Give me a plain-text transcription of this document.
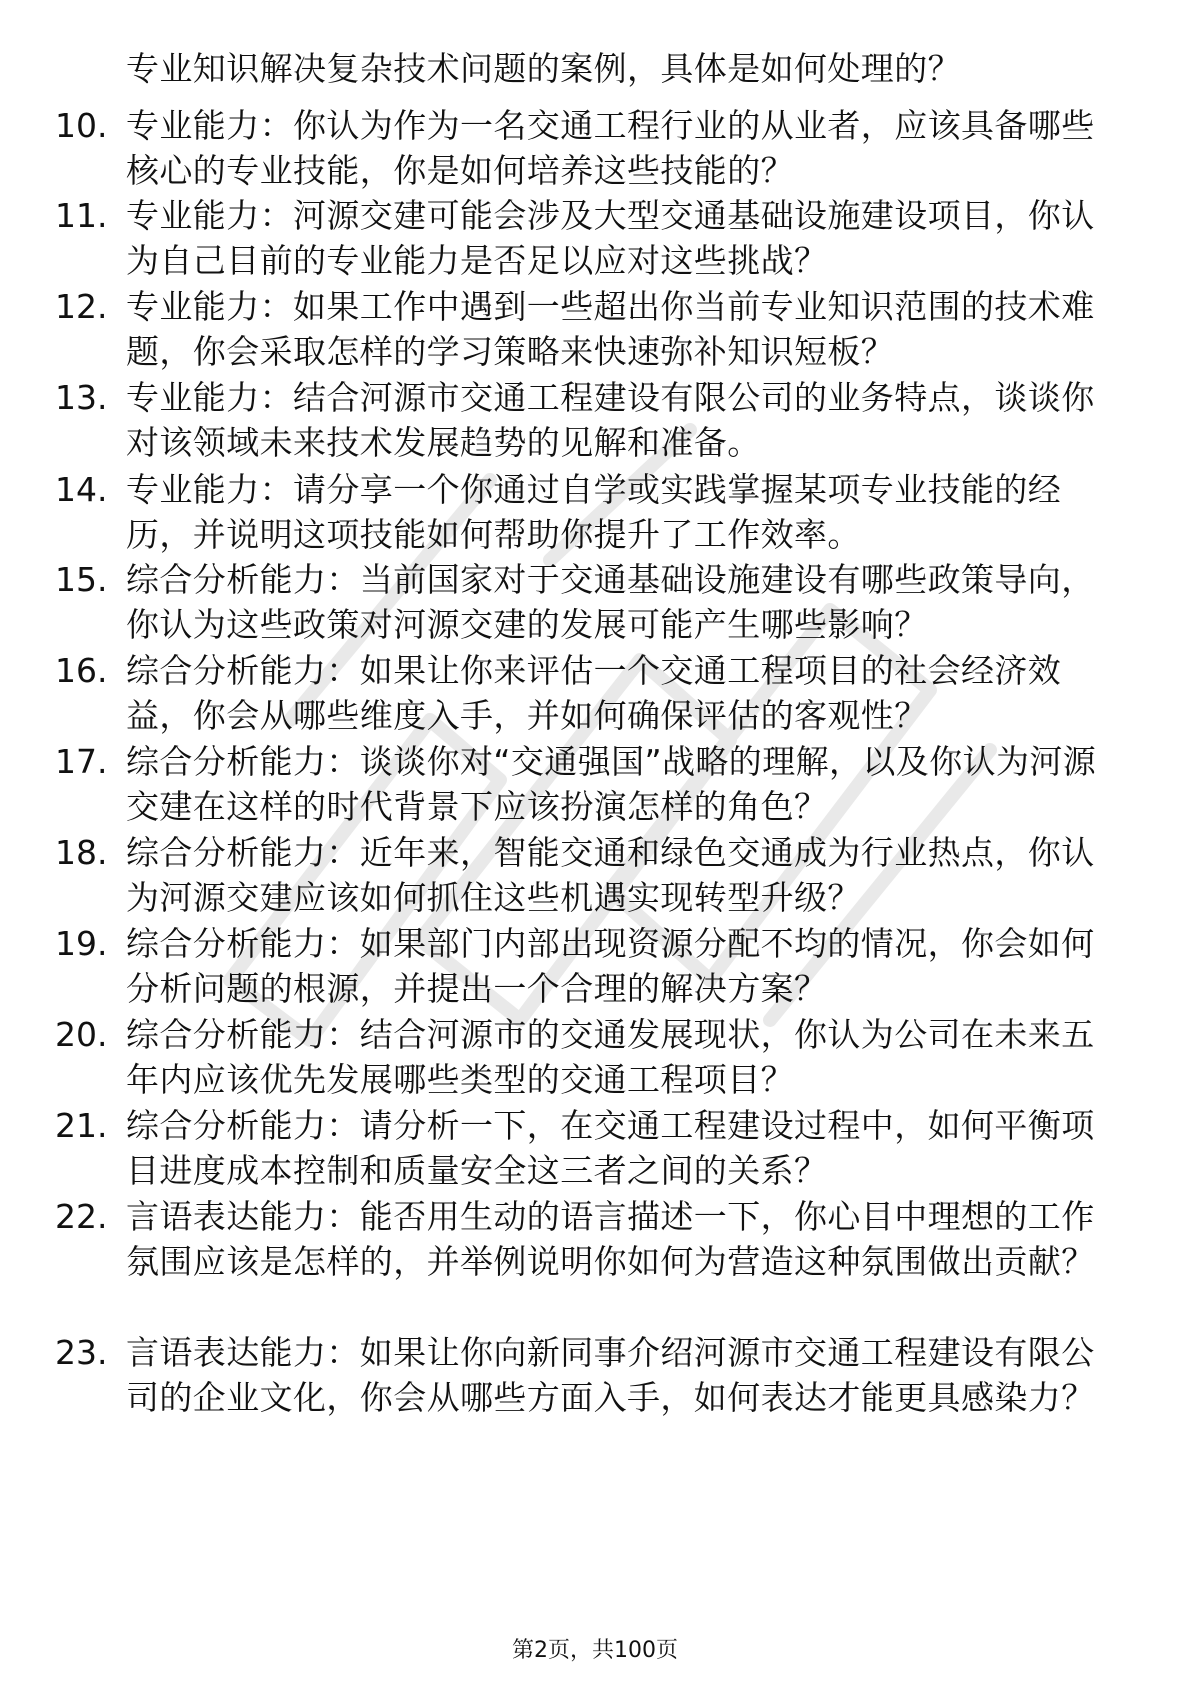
专业知识解决复杂技术问题的案例，具体是如何处理的？
10. 专业能力：你认为作为一名交通工程行业的从业者，应该具备哪些核心的专业技能，你是如何培养这些技能的？
11. 专业能力：河源交建可能会涉及大型交通基础设施建设项目，你认为自己目前的专业能力是否足以应对这些挑战？
12. 专业能力：如果工作中遇到一些超出你当前专业知识范围的技术难题，你会采取怎样的学习策略来快速弥补知识短板？
13. 专业能力：结合河源市交通工程建设有限公司的业务特点，谈谈你对该领域未来技术发展趋势的见解和准备。
14. 专业能力：请分享一个你通过自学或实践掌握某项专业技能的经历，并说明这项技能如何帮助你提升了工作效率。
15. 综合分析能力：当前国家对于交通基础设施建设有哪些政策导向，你认为这些政策对河源交建的发展可能产生哪些影响？
16. 综合分析能力：如果让你来评估一个交通工程项目的社会经济效益，你会从哪些维度入手，并如何确保评估的客观性？
17. 综合分析能力：谈谈你对“交通强国”战略的理解，以及你认为河源交建在这样的时代背景下应该扮演怎样的角色？
18. 综合分析能力：近年来，智能交通和绿色交通成为行业热点，你认为河源交建应该如何抓住这些机遇实现转型升级？
19. 综合分析能力：如果部门内部出现资源分配不均的情况，你会如何分析问题的根源，并提出一个合理的解决方案？
20. 综合分析能力：结合河源市的交通发展现状，你认为公司在未来五年内应该优先发展哪些类型的交通工程项目？
21. 综合分析能力：请分析一下，在交通工程建设过程中，如何平衡项目进度成本控制和质量安全这三者之间的关系？
22. 言语表达能力：能否用生动的语言描述一下，你心目中理想的工作氛围应该是怎样的，并举例说明你如何为营造这种氛围做出贡献？
23. 言语表达能力：如果让你向新同事介绍河源市交通工程建设有限公司的企业文化，你会从哪些方面入手，如何表达才能更具感染力？
第2页，共100页
